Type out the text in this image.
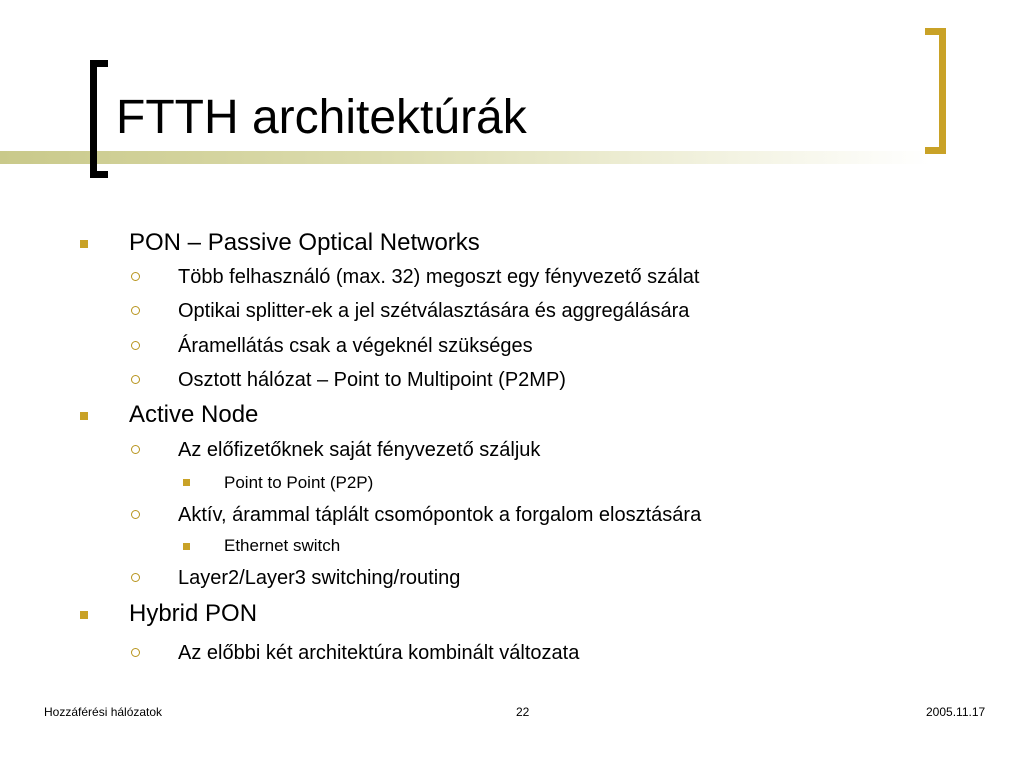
FTTH architektúrák
PON – Passive Optical Networks
Több felhasználó (max. 32) megoszt egy fényvezető szálat
Optikai splitter-ek a jel szétválasztására és aggregálására
Áramellátás csak a végeknél szükséges
Osztott hálózat – Point to Multipoint (P2MP)
Active Node
Az előfizetőknek saját fényvezető száljuk
Point to Point (P2P)
Aktív, árammal táplált csomópontok a forgalom elosztására
Ethernet switch
Layer2/Layer3 switching/routing
Hybrid PON
Az előbbi két architektúra kombinált változata
Hozzáférési hálózatok	22	2005.11.17
